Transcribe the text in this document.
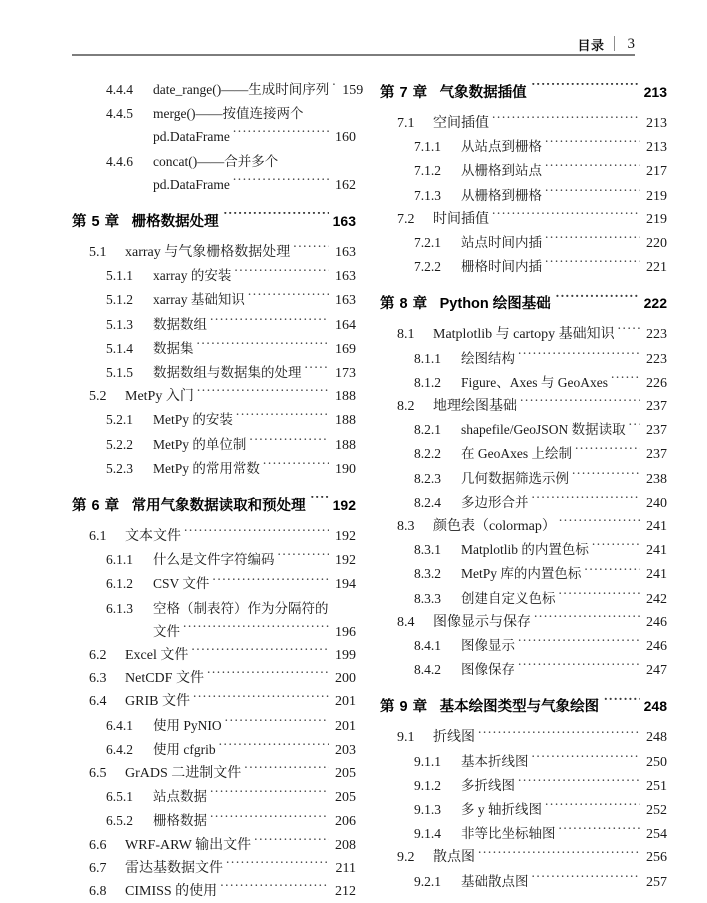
目录	3
4.4.4	date_range()——生成时间序列 ..... 159
4.4.5	merge()——按值连接两个
pd.DataFrame .....	160
4.4.6	concat()——合并多个
pd.DataFrame .....	162
第 5 章 栅格数据处理 .....	163
5.1	xarray 与气象栅格数据处理 .....	163
5.1.1	xarray 的安装 .....	163
5.1.2	xarray 基础知识 .....	163
5.1.3	数据数组 .....	164
5.1.4	数据集 .....	169
5.1.5	数据数组与数据集的处理 .....	173
5.2	MetPy 入门 .....	188
5.2.1	MetPy 的安装 .....	188
5.2.2	MetPy 的单位制 .....	188
5.2.3	MetPy 的常用常数 .....	190
第 6 章 常用气象数据读取和预处理 .....	192
6.1	文本文件 .....	192
6.1.1	什么是文件字符编码 .....	192
6.1.2	CSV 文件 .....	194
6.1.3	空格（制表符）作为分隔符的
文件 .....	196
6.2	Excel 文件 .....	199
6.3	NetCDF 文件 .....	200
6.4	GRIB 文件 .....	201
6.4.1	使用 PyNIO .....	201
6.4.2	使用 cfgrib .....	203
6.5	GrADS 二进制文件 .....	205
6.5.1	站点数据 .....	205
6.5.2	栅格数据 .....	206
6.6	WRF-ARW 输出文件 .....	208
6.7	雷达基数据文件 .....	211
6.8	CIMISS 的使用 .....	212
第 7 章 气象数据插值 .....	213
7.1	空间插值 .....	213
7.1.1	从站点到栅格 .....	213
7.1.2	从栅格到站点 .....	217
7.1.3	从栅格到栅格 .....	219
7.2	时间插值 .....	219
7.2.1	站点时间内插 .....	220
7.2.2	栅格时间内插 .....	221
第 8 章 Python 绘图基础 .....	222
8.1	Matplotlib 与 cartopy 基础知识 .....	223
8.1.1	绘图结构 .....	223
8.1.2	Figure、Axes 与 GeoAxes .....	226
8.2	地理绘图基础 .....	237
8.2.1	shapefile/GeoJSON 数据读取 .....	237
8.2.2	在 GeoAxes 上绘制 .....	237
8.2.3	几何数据筛选示例 .....	238
8.2.4	多边形合并 .....	240
8.3	颜色表（colormap） .....	241
8.3.1	Matplotlib 的内置色标 .....	241
8.3.2	MetPy 库的内置色标 .....	241
8.3.3	创建自定义色标 .....	242
8.4	图像显示与保存 .....	246
8.4.1	图像显示 .....	246
8.4.2	图像保存 .....	247
第 9 章 基本绘图类型与气象绘图 .....	248
9.1	折线图 .....	248
9.1.1	基本折线图 .....	250
9.1.2	多折线图 .....	251
9.1.3	多 y 轴折线图 .....	252
9.1.4	非等比坐标轴图 .....	254
9.2	散点图 .....	256
9.2.1	基础散点图 .....	257
